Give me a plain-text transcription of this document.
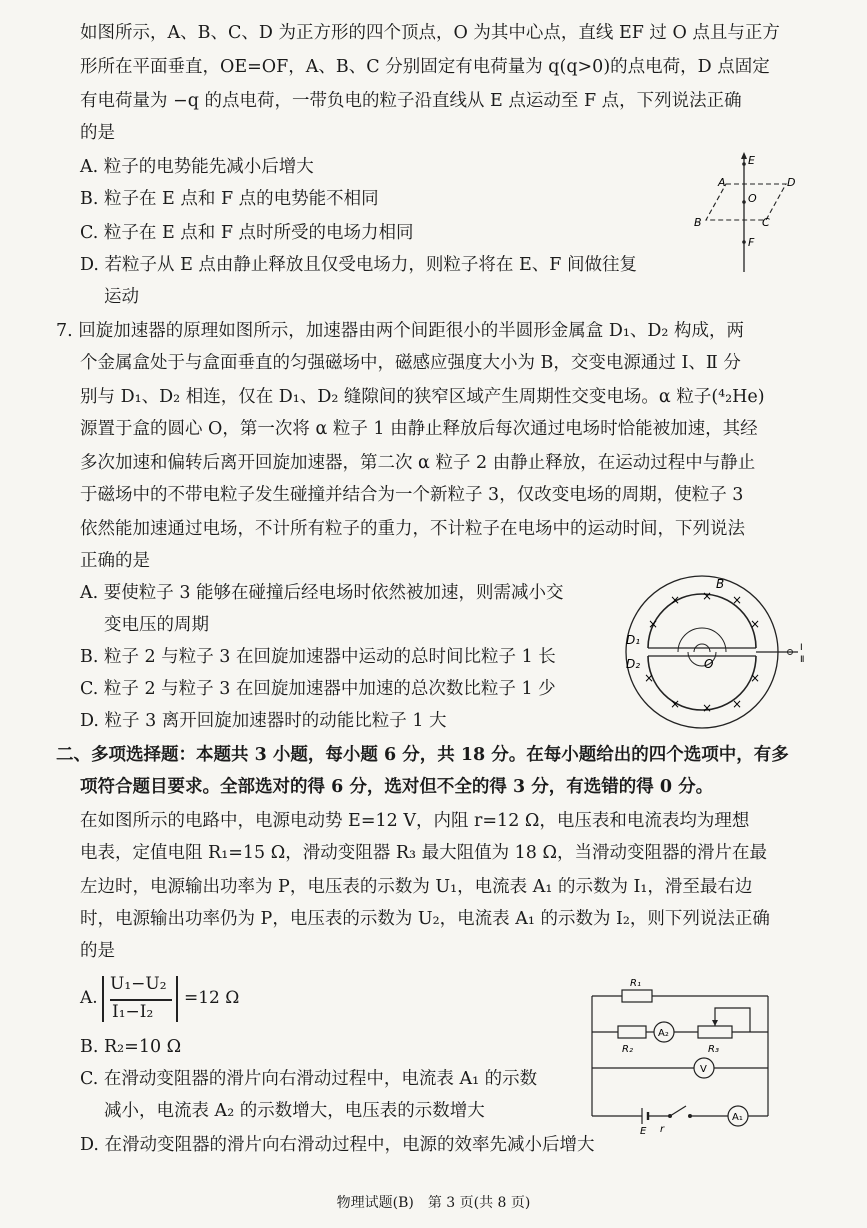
如图所示，A、B、C、D 为正方形的四个顶点，O 为其中心点，直线 EF 过 O 点且与正方
形所在平面垂直，OE=OF，A、B、C 分别固定有电荷量为 q(q>0)的点电荷，D 点固定
有电荷量为 −q 的点电荷，一带负电的粒子沿直线从 E 点运动至 F 点，下列说法正确
的是
A. 粒子的电势能先减小后增大
B. 粒子在 E 点和 F 点的电势能不相同
C. 粒子在 E 点和 F 点时所受的电场力相同
D. 若粒子从 E 点由静止释放且仅受电场力，则粒子将在 E、F 间做往复
运动
E
A	D
O
B	C
F
7. 回旋加速器的原理如图所示，加速器由两个间距很小的半圆形金属盒 D₁、D₂ 构成，两
个金属盒处于与盒面垂直的匀强磁场中，磁感应强度大小为 B，交变电源通过 Ⅰ、Ⅱ 分
别与 D₁、D₂ 相连，仅在 D₁、D₂ 缝隙间的狭窄区域产生周期性交变电场。α 粒子(⁴₂He)
源置于盒的圆心 O，第一次将 α 粒子 1 由静止释放后每次通过电场时恰能被加速，其经
多次加速和偏转后离开回旋加速器，第二次 α 粒子 2 由静止释放，在运动过程中与静止
于磁场中的不带电粒子发生碰撞并结合为一个新粒子 3，仅改变电场的周期，使粒子 3
依然能加速通过电场，不计所有粒子的重力，不计粒子在电场中的运动时间，下列说法
正确的是
A. 要使粒子 3 能够在碰撞后经电场时依然被加速，则需减小交
变电压的周期
B. 粒子 2 与粒子 3 在回旋加速器中运动的总时间比粒子 1 长
C. 粒子 2 与粒子 3 在回旋加速器中加速的总次数比粒子 1 少
D. 粒子 3 离开回旋加速器时的动能比粒子 1 大
× × ×
×	×
×	×
× × ×
B
D₁
D₂	O
Ⅰ
Ⅱ
二、多项选择题：本题共 3 小题，每小题 6 分，共 18 分。在每小题给出的四个选项中，有多
项符合题目要求。全部选对的得 6 分，选对但不全的得 3 分，有选错的得 0 分。
在如图所示的电路中，电源电动势 E=12 V，内阻 r=12 Ω，电压表和电流表均为理想
电表，定值电阻 R₁=15 Ω，滑动变阻器 R₃ 最大阻值为 18 Ω，当滑动变阻器的滑片在最
左边时，电源输出功率为 P，电压表的示数为 U₁，电流表 A₁ 的示数为 I₁，滑至最右边
时，电源输出功率仍为 P，电压表的示数为 U₂，电流表 A₁ 的示数为 I₂，则下列说法正确
的是
A.
U₁−U₂
I₁−I₂
=12 Ω
B. R₂=10 Ω
C. 在滑动变阻器的滑片向右滑动过程中，电流表 A₁ 的示数
减小，电流表 A₂ 的示数增大，电压表的示数增大
D. 在滑动变阻器的滑片向右滑动过程中，电源的效率先减小后增大
R₁
R₂
A₂
R₃
V
A₁
E r
物理试题(B)　第 3 页(共 8 页)
